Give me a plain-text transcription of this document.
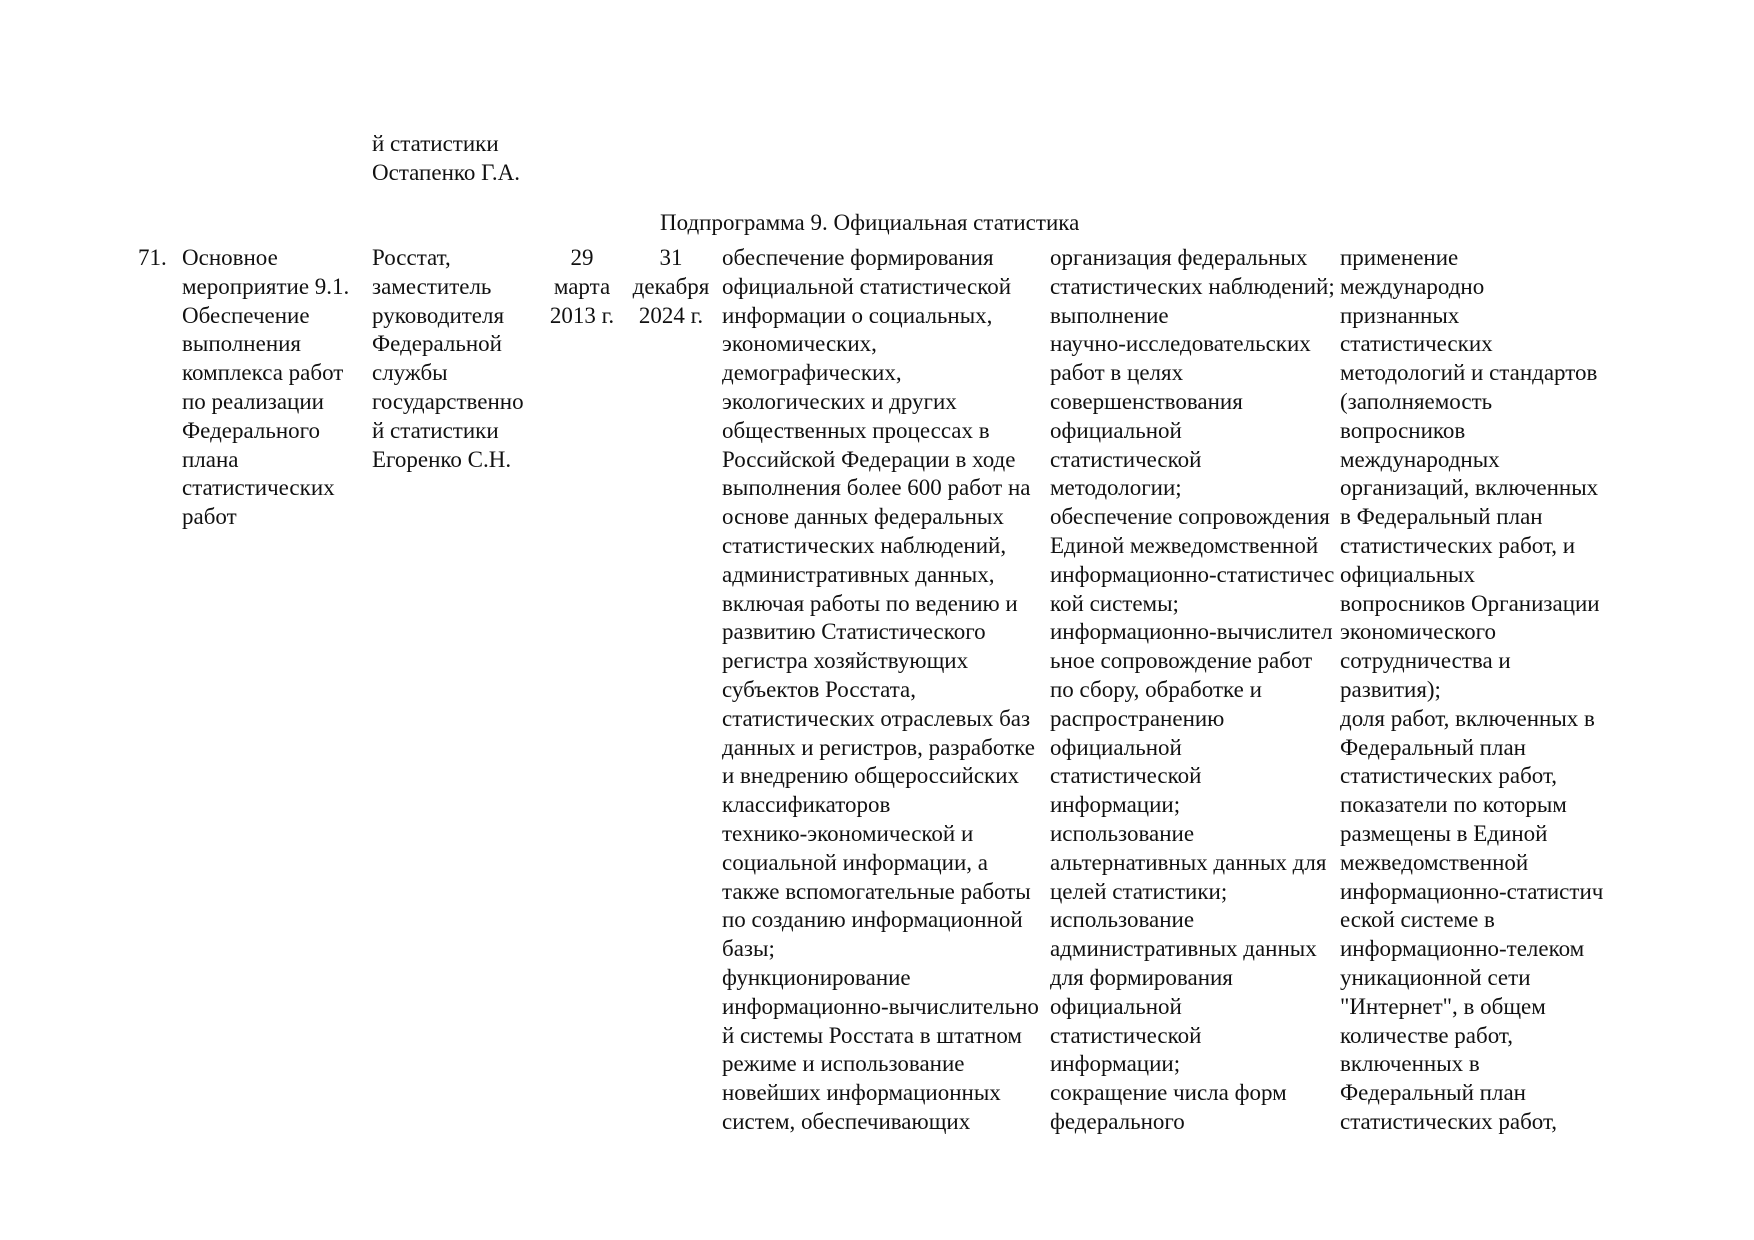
й статистики
Остапенко Г.А.
Подпрограмма 9. Официальная статистика
71. Основное
мероприятие 9.1.
Обеспечение
выполнения
комплекса работ
по реализации
Федерального
плана
статистических
работ
Росстат,
заместитель
руководителя
Федеральной
службы
государственно
й статистики
Егоренко С.Н.
29
марта
2013 г.
31
декабря
2024 г.
обеспечение формирования
официальной статистической
информации о социальных,
экономических,
демографических,
экологических и других
общественных процессах в
Российской Федерации в ходе
выполнения более 600 работ на
основе данных федеральных
статистических наблюдений,
административных данных,
включая работы по ведению и
развитию Статистического
регистра хозяйствующих
субъектов Росстата,
статистических отраслевых баз
данных и регистров, разработке
и внедрению общероссийских
классификаторов
технико-экономической и
социальной информации, а
также вспомогательные работы
по созданию информационной
базы;
функционирование
информационно-вычислительно
й системы Росстата в штатном
режиме и использование
новейших информационных
систем, обеспечивающих
организация федеральных
статистических наблюдений;
выполнение
научно-исследовательских
работ в целях
совершенствования
официальной
статистической
методологии;
обеспечение сопровождения
Единой межведомственной
информационно-статистичес
кой системы;
информационно-вычислител
ьное сопровождение работ
по сбору, обработке и
распространению
официальной
статистической
информации;
использование
альтернативных данных для
целей статистики;
использование
административных данных
для формирования
официальной
статистической
информации;
сокращение числа форм
федерального
применение
международно
признанных
статистических
методологий и стандартов
(заполняемость
вопросников
международных
организаций, включенных
в Федеральный план
статистических работ, и
официальных
вопросников Организации
экономического
сотрудничества и
развития);
доля работ, включенных в
Федеральный план
статистических работ,
показатели по которым
размещены в Единой
межведомственной
информационно-статистич
еской системе в
информационно-телеком
уникационной сети
"Интернет", в общем
количестве работ,
включенных в
Федеральный план
статистических работ,
